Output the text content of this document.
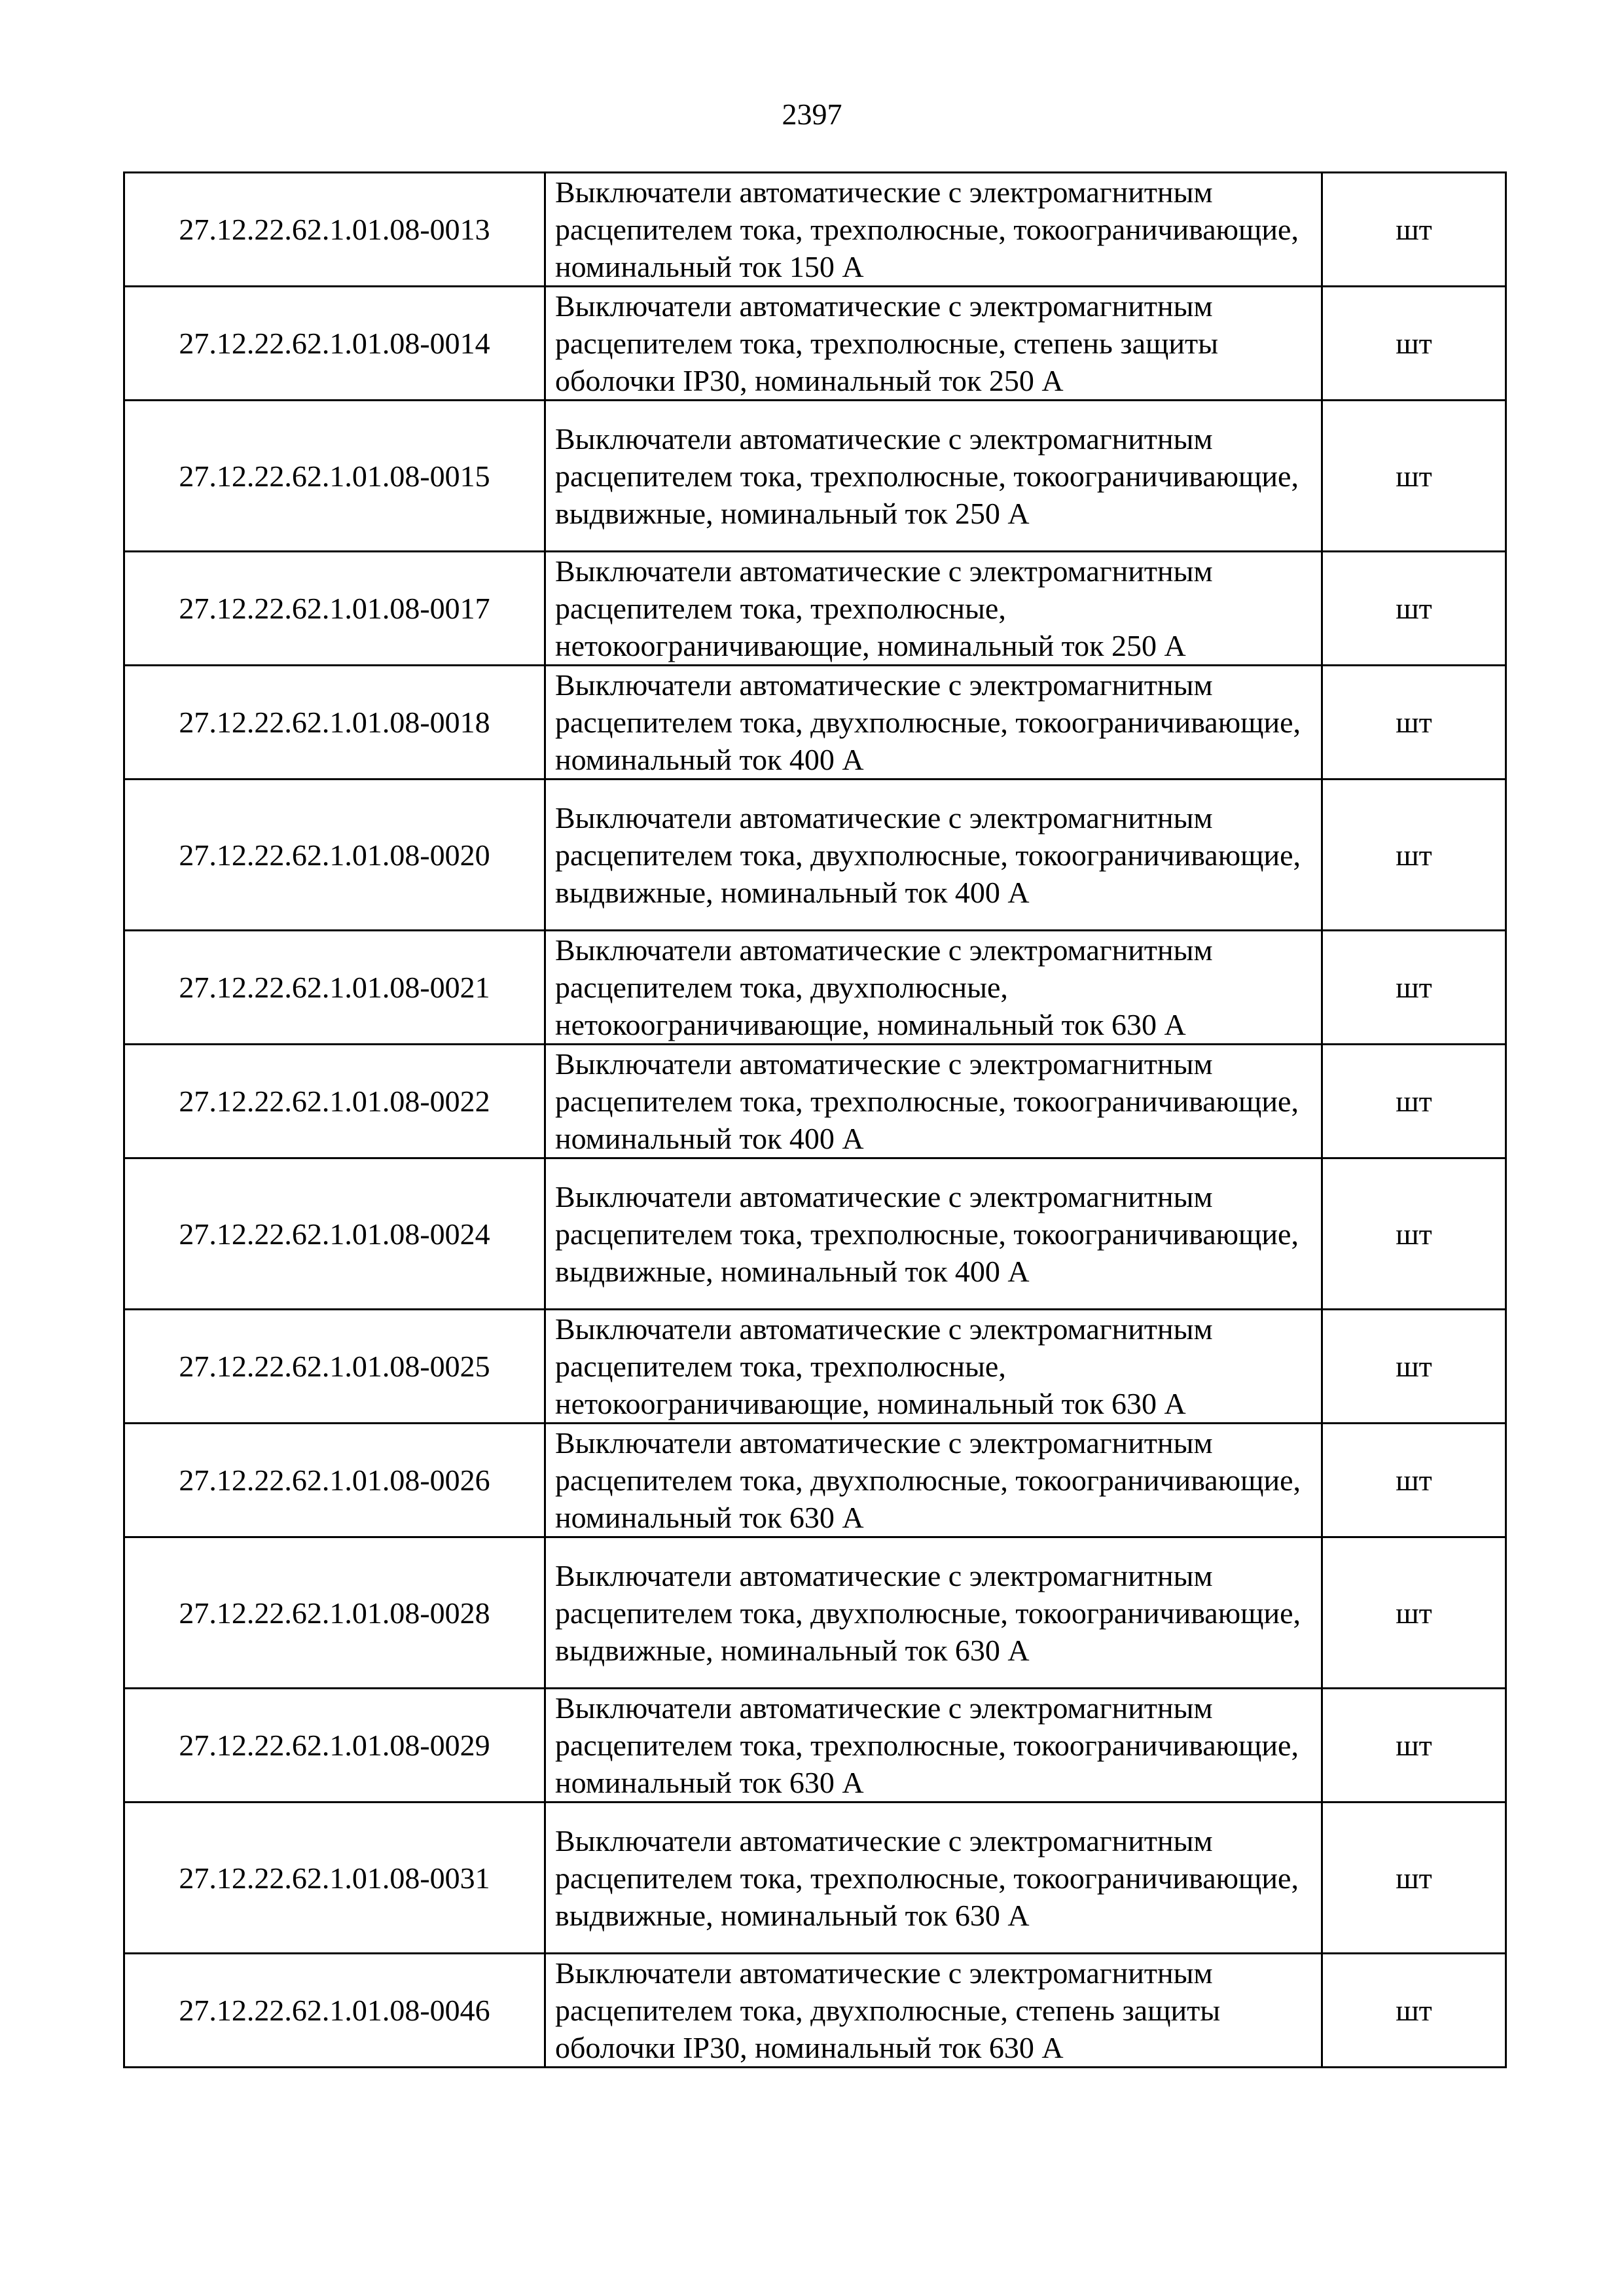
2397
27.12.22.62.1.01.08-0013	Выключатели автоматические с электромагнитным расцепителем тока, трехполюсные, токоограничивающие, номинальный ток 150 А	шт
27.12.22.62.1.01.08-0014	Выключатели автоматические с электромагнитным расцепителем тока, трехполюсные, степень защиты оболочки IP30, номинальный ток 250 А	шт
27.12.22.62.1.01.08-0015	Выключатели автоматические с электромагнитным расцепителем тока, трехполюсные, токоограничивающие, выдвижные, номинальный ток 250 А	шт
27.12.22.62.1.01.08-0017	Выключатели автоматические с электромагнитным расцепителем тока, трехполюсные, нетокоограничивающие, номинальный ток 250 А	шт
27.12.22.62.1.01.08-0018	Выключатели автоматические с электромагнитным расцепителем тока, двухполюсные, токоограничивающие, номинальный ток 400 А	шт
27.12.22.62.1.01.08-0020	Выключатели автоматические с электромагнитным расцепителем тока, двухполюсные, токоограничивающие, выдвижные, номинальный ток 400 А	шт
27.12.22.62.1.01.08-0021	Выключатели автоматические с электромагнитным расцепителем тока, двухполюсные, нетокоограничивающие, номинальный ток 630 А	шт
27.12.22.62.1.01.08-0022	Выключатели автоматические с электромагнитным расцепителем тока, трехполюсные, токоограничивающие, номинальный ток 400 А	шт
27.12.22.62.1.01.08-0024	Выключатели автоматические с электромагнитным расцепителем тока, трехполюсные, токоограничивающие, выдвижные, номинальный ток 400 А	шт
27.12.22.62.1.01.08-0025	Выключатели автоматические с электромагнитным расцепителем тока, трехполюсные, нетокоограничивающие, номинальный ток 630 А	шт
27.12.22.62.1.01.08-0026	Выключатели автоматические с электромагнитным расцепителем тока, двухполюсные, токоограничивающие, номинальный ток 630 А	шт
27.12.22.62.1.01.08-0028	Выключатели автоматические с электромагнитным расцепителем тока, двухполюсные, токоограничивающие, выдвижные, номинальный ток 630 А	шт
27.12.22.62.1.01.08-0029	Выключатели автоматические с электромагнитным расцепителем тока, трехполюсные, токоограничивающие, номинальный ток 630 А	шт
27.12.22.62.1.01.08-0031	Выключатели автоматические с электромагнитным расцепителем тока, трехполюсные, токоограничивающие, выдвижные, номинальный ток 630 А	шт
27.12.22.62.1.01.08-0046	Выключатели автоматические с электромагнитным расцепителем тока, двухполюсные, степень защиты оболочки IP30, номинальный ток 630 А	шт
